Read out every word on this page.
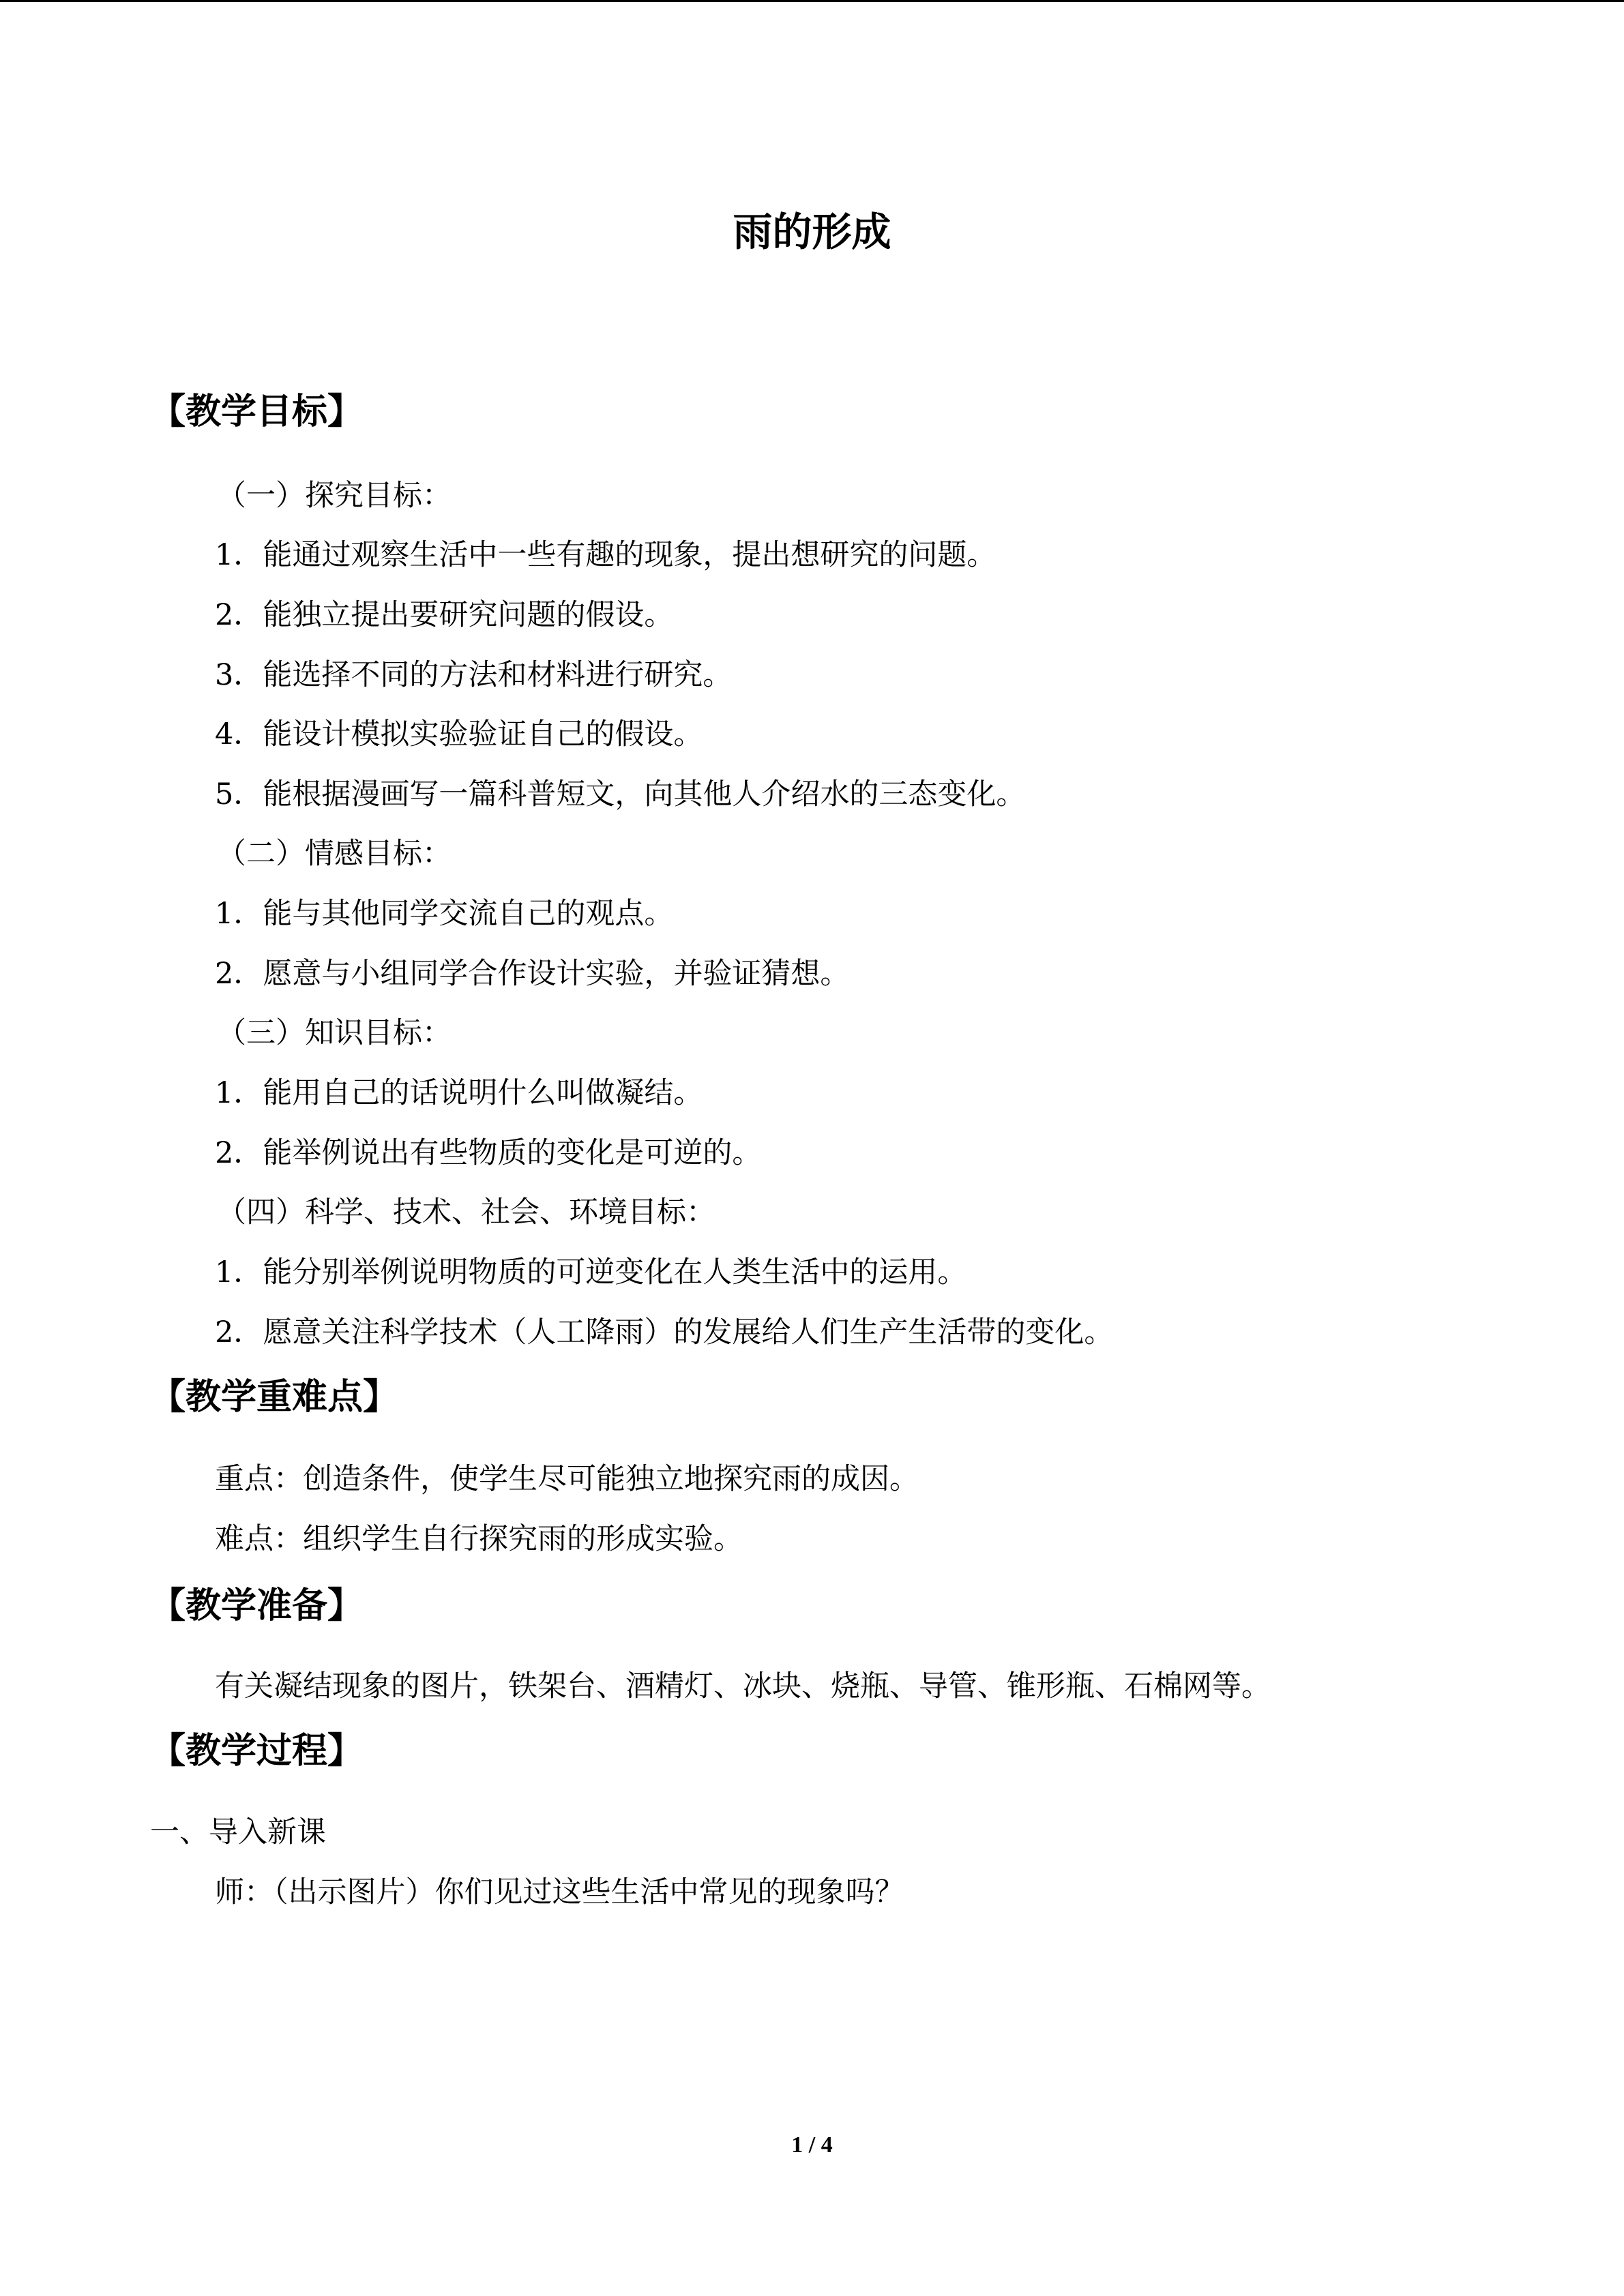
雨的形成
【教学目标】
（一）探究目标：
1．能通过观察生活中一些有趣的现象，提出想研究的问题。
2．能独立提出要研究问题的假设。
3．能选择不同的方法和材料进行研究。
4．能设计模拟实验验证自己的假设。
5．能根据漫画写一篇科普短文，向其他人介绍水的三态变化。
（二）情感目标：
1．能与其他同学交流自己的观点。
2．愿意与小组同学合作设计实验，并验证猜想。
（三）知识目标：
1．能用自己的话说明什么叫做凝结。
2．能举例说出有些物质的变化是可逆的。
（四）科学、技术、社会、环境目标：
1．能分别举例说明物质的可逆变化在人类生活中的运用。
2．愿意关注科学技术（人工降雨）的发展给人们生产生活带的变化。
【教学重难点】
重点：创造条件，使学生尽可能独立地探究雨的成因。
难点：组织学生自行探究雨的形成实验。
【教学准备】
有关凝结现象的图片，铁架台、酒精灯、冰块、烧瓶、导管、锥形瓶、石棉网等。
【教学过程】
一、导入新课
师：（出示图片）你们见过这些生活中常见的现象吗？
1 / 4
